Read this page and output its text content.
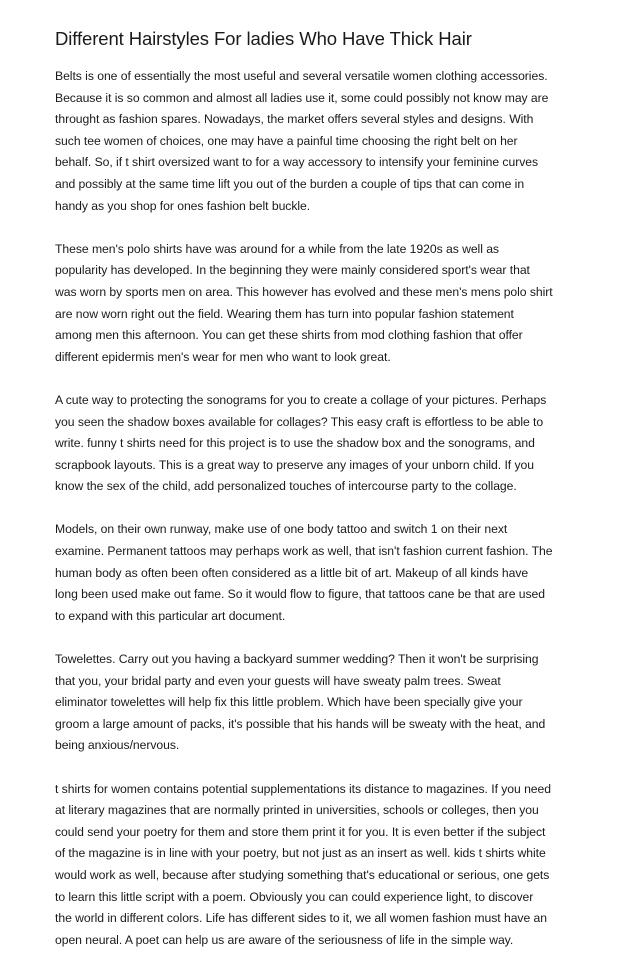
Different Hairstyles For ladies Who Have Thick Hair

Belts is one of essentially the most useful and several versatile women clothing accessories.
Because it is so common and almost all ladies use it, some could possibly not know may are
throught as fashion spares. Nowadays, the market offers several styles and designs. With
such tee women of choices, one may have a painful time choosing the right belt on her
behalf. So, if t shirt oversized want to for a way accessory to intensify your feminine curves
and possibly at the same time lift you out of the burden a couple of tips that can come in
handy as you shop for ones fashion belt buckle.

These men's polo shirts have was around for a while from the late 1920s as well as
popularity has developed. In the beginning they were mainly considered sport's wear that
was worn by sports men on area. This however has evolved and these men's mens polo shirt
are now worn right out the field. Wearing them has turn into popular fashion statement
among men this afternoon. You can get these shirts from mod clothing fashion that offer
different epidermis men's wear for men who want to look great.

A cute way to protecting the sonograms for you to create a collage of your pictures. Perhaps
you seen the shadow boxes available for collages? This easy craft is effortless to be able to
write. funny t shirts need for this project is to use the shadow box and the sonograms, and
scrapbook layouts. This is a great way to preserve any images of your unborn child. If you
know the sex of the child, add personalized touches of intercourse party to the collage.

Models, on their own runway, make use of one body tattoo and switch 1 on their next
examine. Permanent tattoos may perhaps work as well, that isn't fashion current fashion. The
human body as often been often considered as a little bit of art. Makeup of all kinds have
long been used make out fame. So it would flow to figure, that tattoos cane be that are used
to expand with this particular art document.

Towelettes. Carry out you having a backyard summer wedding? Then it won't be surprising
that you, your bridal party and even your guests will have sweaty palm trees. Sweat
eliminator towelettes will help fix this little problem. Which have been specially give your
groom a large amount of packs, it's possible that his hands will be sweaty with the heat, and
being anxious/nervous.

t shirts for women contains potential supplementations its distance to magazines. If you need
at literary magazines that are normally printed in universities, schools or colleges, then you
could send your poetry for them and store them print it for you. It is even better if the subject
of the magazine is in line with your poetry, but not just as an insert as well. kids t shirts white
would work as well, because after studying something that's educational or serious, one gets
to learn this little script with a poem. Obviously you can could experience light, to discover
the world in different colors. Life has different sides to it, we all women fashion must have an
open neural. A poet can help us are aware of the seriousness of life in the simple way.
